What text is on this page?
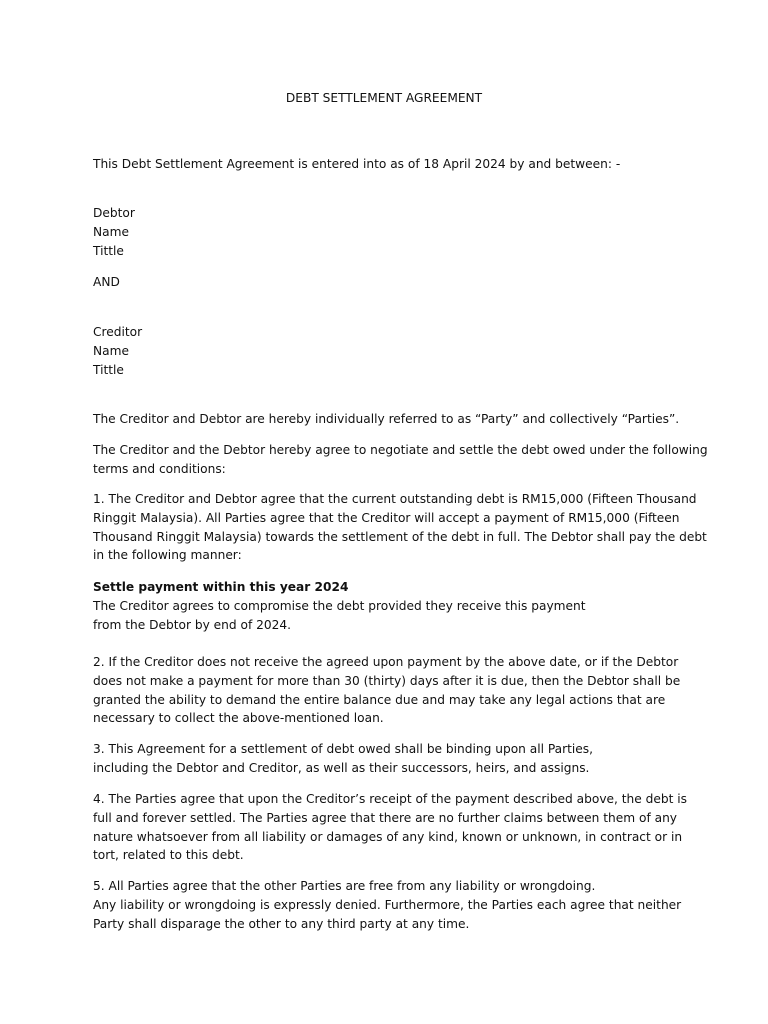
DEBT SETTLEMENT AGREEMENT
This Debt Settlement Agreement is entered into as of 18 April 2024 by and between: -
Debtor
Name
Tittle
AND
Creditor
Name
Tittle
The Creditor and Debtor are hereby individually referred to as “Party” and collectively “Parties”.
The Creditor and the Debtor hereby agree to negotiate and settle the debt owed under the following
terms and conditions:
1. The Creditor and Debtor agree that the current outstanding debt is RM15,000 (Fifteen Thousand
Ringgit Malaysia). All Parties agree that the Creditor will accept a payment of RM15,000 (Fifteen
Thousand Ringgit Malaysia) towards the settlement of the debt in full. The Debtor shall pay the debt
in the following manner:
Settle payment within this year 2024
The Creditor agrees to compromise the debt provided they receive this payment
from the Debtor by end of 2024.
2. If the Creditor does not receive the agreed upon payment by the above date, or if the Debtor
does not make a payment for more than 30 (thirty) days after it is due, then the Debtor shall be
granted the ability to demand the entire balance due and may take any legal actions that are
necessary to collect the above-mentioned loan.
3. This Agreement for a settlement of debt owed shall be binding upon all Parties,
including the Debtor and Creditor, as well as their successors, heirs, and assigns.
4. The Parties agree that upon the Creditor’s receipt of the payment described above, the debt is
full and forever settled. The Parties agree that there are no further claims between them of any
nature whatsoever from all liability or damages of any kind, known or unknown, in contract or in
tort, related to this debt.
5. All Parties agree that the other Parties are free from any liability or wrongdoing.
Any liability or wrongdoing is expressly denied. Furthermore, the Parties each agree that neither
Party shall disparage the other to any third party at any time.
